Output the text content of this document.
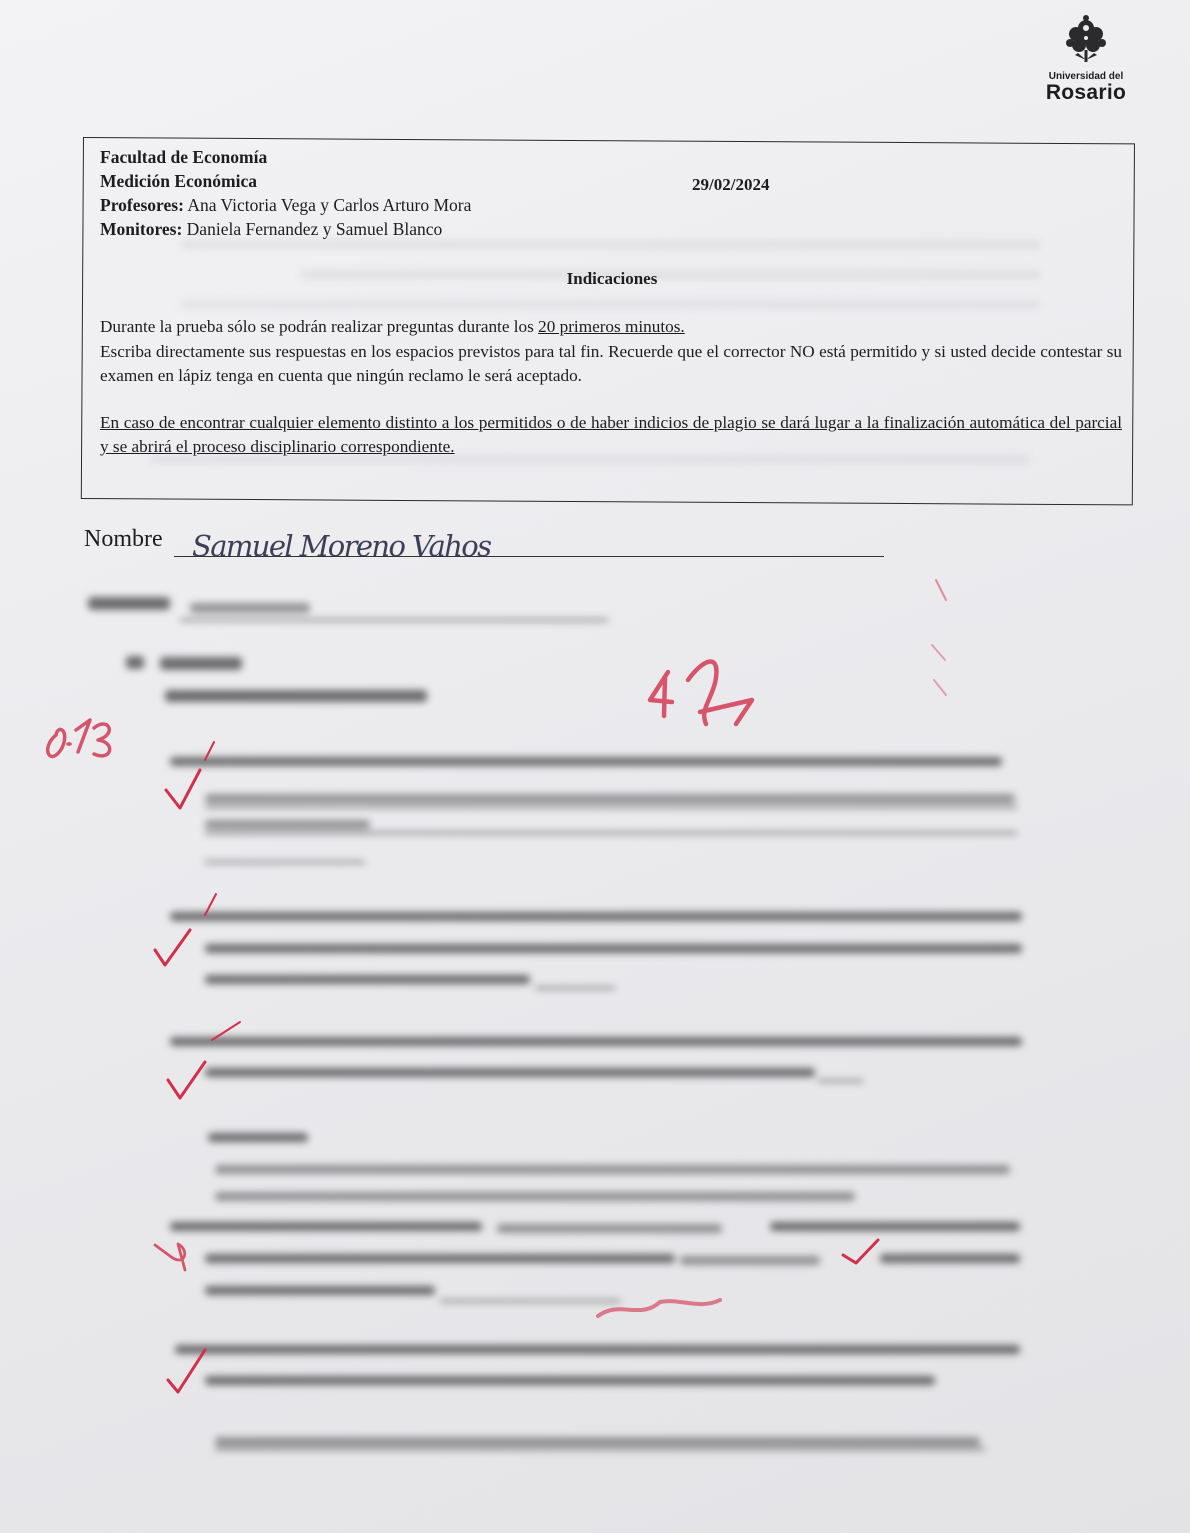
Universidad del
Rosario
Facultad de Economía
Medición Económica
Profesores: Ana Victoria Vega y Carlos Arturo Mora
Monitores: Daniela Fernandez y Samuel Blanco
29/02/2024
Indicaciones
Durante la prueba sólo se podrán realizar preguntas durante los 20 primeros minutos.
Escriba directamente sus respuestas en los espacios previstos para tal fin. Recuerde que el corrector NO está permitido y si usted decide contestar su examen en lápiz tenga en cuenta que ningún reclamo le será aceptado.
En caso de encontrar cualquier elemento distinto a los permitidos o de haber indicios de plagio se dará lugar a la finalización automática del parcial y se abrirá el proceso disciplinario correspondiente.
Nombre Samuel Moreno Vahos
